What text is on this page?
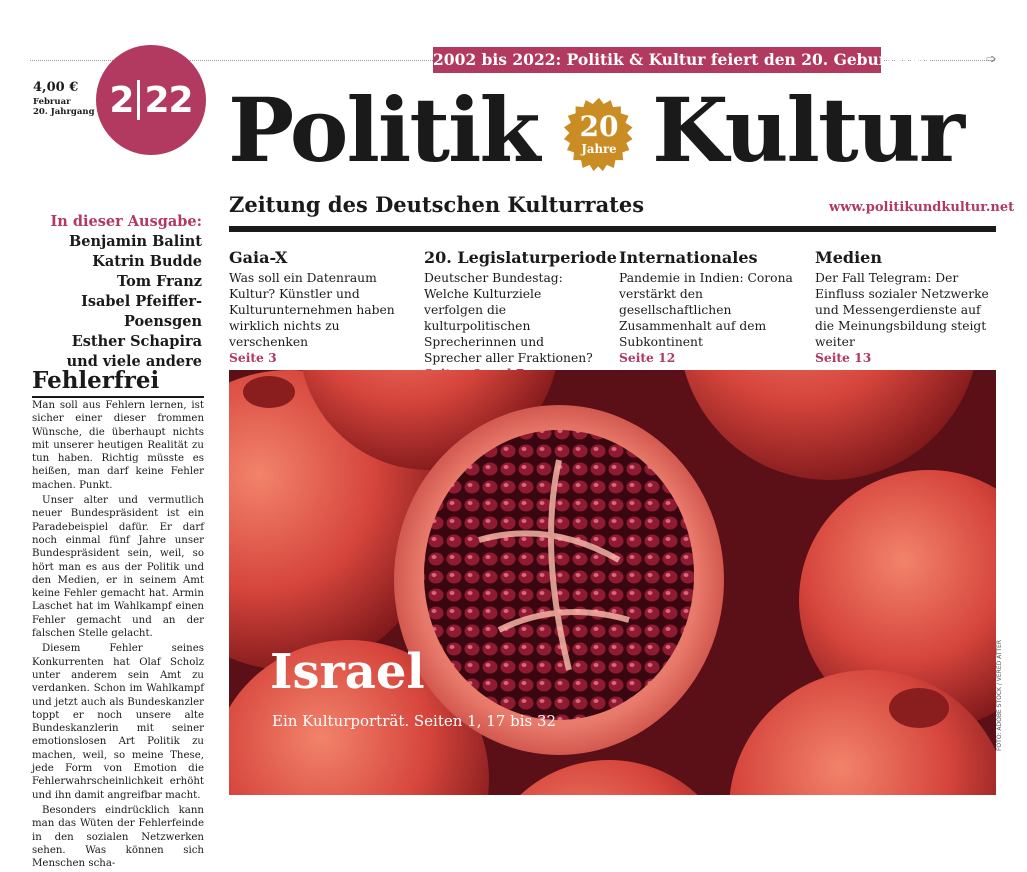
➩
2002 bis 2022: Politik & Kultur feiert den 20. Geburtstag
4,00 €
Februar
20. Jahrgang 2 22 Politik 20
Jahre Kultur
Zeitung des Deutschen Kulturrates	www.politikundkultur.net
In dieser Ausgabe:
Benjamin Balint
Katrin Budde
Tom Franz
Isabel Pfeiffer-Poensgen
Esther Schapira
und viele andere
Gaia-X
Was soll ein Datenraum Kultur? Künstler und Kulturunternehmen haben wirklich nichts zu verschenken
Seite 3
20. Legislaturperiode
Deutscher Bundestag: Welche Kulturziele verfolgen die kulturpolitischen Sprecherinnen und Sprecher aller Fraktionen?
Internationales
Pandemie in Indien: Corona verstärkt den gesellschaftlichen Zusammenhalt auf dem Subkontinent
Seite 12
Medien
Der Fall Telegram: Der Einfluss sozialer Netzwerke und Messengerdienste auf die Meinungsbildung steigt weiter
Seite 13
Fehlerfrei

Man soll aus Fehlern lernen, ist sicher einer dieser frommen Wünsche, die überhaupt nichts mit unserer heutigen Realität zu tun haben. Richtig müsste es heißen, man darf keine Fehler machen. Punkt.

Unser alter und vermutlich neuer Bundespräsident ist ein Paradebeispiel dafür. Er darf noch einmal fünf Jahre unser Bundespräsident sein, weil, so hört man es aus der Politik und den Medien, er in seinem Amt keine Fehler gemacht hat. Armin Laschet hat im Wahlkampf einen Fehler gemacht und an der falschen Stelle gelacht.

Diesem Fehler seines Konkurrenten hat Olaf Scholz unter anderem sein Amt zu verdanken. Schon im Wahlkampf und jetzt auch als Bundeskanzler toppt er noch unsere alte Bundeskanzlerin mit seiner emotionslosen Art Politik zu machen, weil, so meine These, jede Form von Emotion die Fehlerwahrscheinlichkeit erhöht und ihn damit angreifbar macht.

Besonders eindrücklich kann man das Wüten der Fehlerfeinde in den sozialen Netzwerken sehen. Was können sich Menschen scha-

FOTO: ADOBE STOCK / VERED ATTER
Israel
Ein Kulturporträt. Seiten 1, 17 bis 32
